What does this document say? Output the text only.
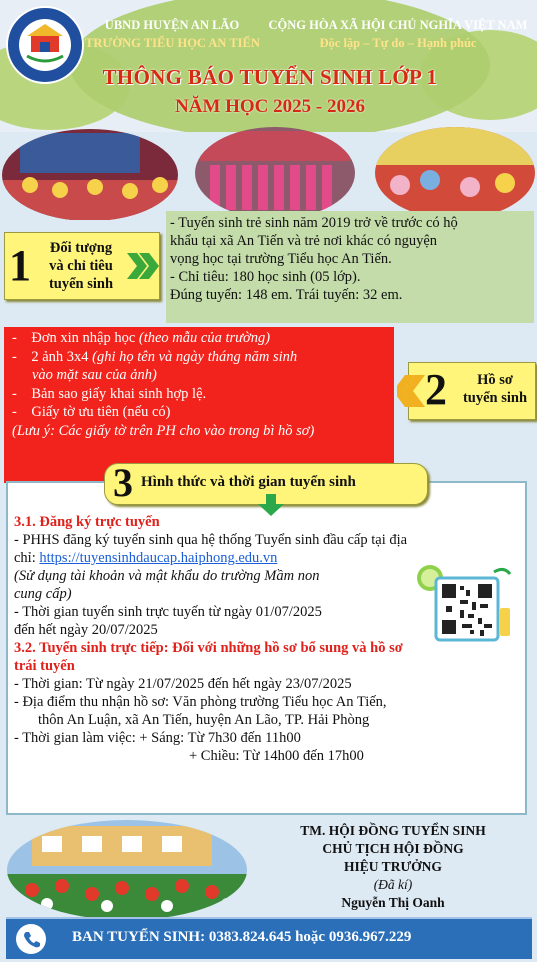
UBND HUYỆN AN LÃO
TRƯỜNG TIỂU HỌC AN TIẾN
CỘNG HÒA XÃ HỘI CHỦ NGHĨA VIỆT NAM
Độc lập – Tự do – Hạnh phúc
THÔNG BÁO TUYỂN SINH LỚP 1
NĂM HỌC 2025 - 2026
- Tuyển sinh trẻ sinh năm 2019 trở về trước có hộ
khẩu tại xã An Tiến và trẻ nơi khác có nguyện
vọng học tại trường Tiểu học An Tiến.
- Chỉ tiêu: 180 học sinh (05 lớp).
Đúng tuyến: 148 em. Trái tuyến: 32 em.
1	Đối tượng
và chỉ tiêu
tuyển sinh
- Đơn xin nhập học (theo mẫu của trường)
- 2 ảnh 3x4 (ghi họ tên và ngày tháng năm sinh
vào mặt sau của ảnh)
- Bản sao giấy khai sinh hợp lệ.
- Giấy tờ ưu tiên (nếu có)
(Lưu ý: Các giấy tờ trên PH cho vào trong bì hồ sơ)
2	Hồ sơ
tuyển sinh
3.1. Đăng ký trực tuyến
- PHHS đăng ký tuyển sinh qua hệ thống Tuyển sinh đầu cấp tại địa
chỉ: https://tuyensinhdaucap.haiphong.edu.vn
(Sử dụng tài khoản và mật khẩu do trường Mầm non
cung cấp)
- Thời gian tuyển sinh trực tuyến từ ngày 01/07/2025
đến hết ngày 20/07/2025
3.2. Tuyển sinh trực tiếp: Đối với những hồ sơ bổ sung và hồ sơ
trái tuyến
- Thời gian: Từ ngày 21/07/2025 đến hết ngày 23/07/2025
- Địa điểm thu nhận hồ sơ: Văn phòng trường Tiểu học An Tiến,
thôn An Luận, xã An Tiến, huyện An Lão, TP. Hải Phòng
- Thời gian làm việc: + Sáng: Từ 7h30 đến 11h00
+ Chiều: Từ 14h00 đến 17h00
3 Hình thức và thời gian tuyển sinh
TM. HỘI ĐỒNG TUYỂN SINH
CHỦ TỊCH HỘI ĐỒNG
HIỆU TRƯỞNG
(Đã kí)
Nguyễn Thị Oanh
BAN TUYỂN SINH: 0383.824.645 hoặc 0936.967.229
